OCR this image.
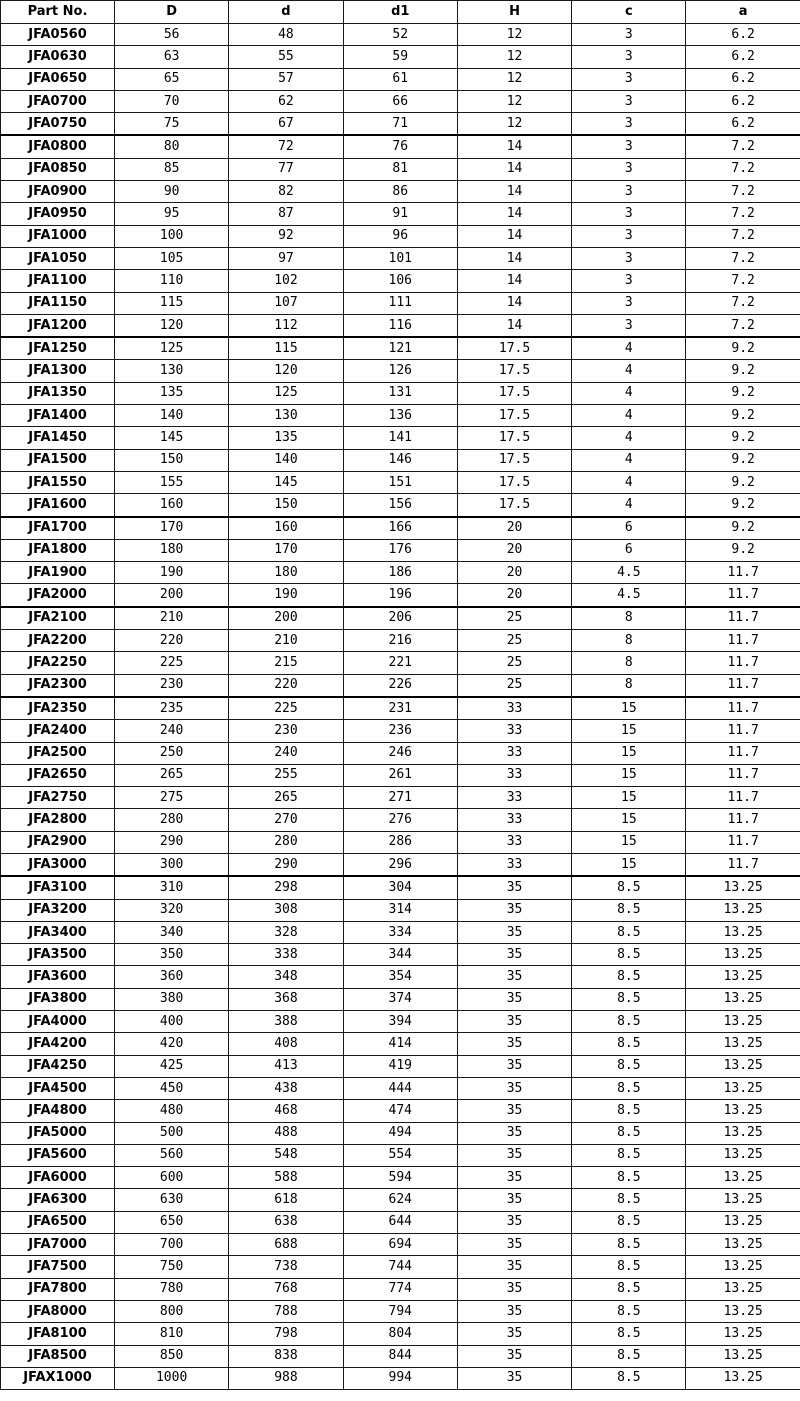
Part No.	D	d	d1	H	c	a
JFA0560	56	48	52	12	3	6.2
JFA0630	63	55	59	12	3	6.2
JFA0650	65	57	61	12	3	6.2
JFA0700	70	62	66	12	3	6.2
JFA0750	75	67	71	12	3	6.2
JFA0800	80	72	76	14	3	7.2
JFA0850	85	77	81	14	3	7.2
JFA0900	90	82	86	14	3	7.2
JFA0950	95	87	91	14	3	7.2
JFA1000	100	92	96	14	3	7.2
JFA1050	105	97	101	14	3	7.2
JFA1100	110	102	106	14	3	7.2
JFA1150	115	107	111	14	3	7.2
JFA1200	120	112	116	14	3	7.2
JFA1250	125	115	121	17.5	4	9.2
JFA1300	130	120	126	17.5	4	9.2
JFA1350	135	125	131	17.5	4	9.2
JFA1400	140	130	136	17.5	4	9.2
JFA1450	145	135	141	17.5	4	9.2
JFA1500	150	140	146	17.5	4	9.2
JFA1550	155	145	151	17.5	4	9.2
JFA1600	160	150	156	17.5	4	9.2
JFA1700	170	160	166	20	6	9.2
JFA1800	180	170	176	20	6	9.2
JFA1900	190	180	186	20	4.5	11.7
JFA2000	200	190	196	20	4.5	11.7
JFA2100	210	200	206	25	8	11.7
JFA2200	220	210	216	25	8	11.7
JFA2250	225	215	221	25	8	11.7
JFA2300	230	220	226	25	8	11.7
JFA2350	235	225	231	33	15	11.7
JFA2400	240	230	236	33	15	11.7
JFA2500	250	240	246	33	15	11.7
JFA2650	265	255	261	33	15	11.7
JFA2750	275	265	271	33	15	11.7
JFA2800	280	270	276	33	15	11.7
JFA2900	290	280	286	33	15	11.7
JFA3000	300	290	296	33	15	11.7
JFA3100	310	298	304	35	8.5	13.25
JFA3200	320	308	314	35	8.5	13.25
JFA3400	340	328	334	35	8.5	13.25
JFA3500	350	338	344	35	8.5	13.25
JFA3600	360	348	354	35	8.5	13.25
JFA3800	380	368	374	35	8.5	13.25
JFA4000	400	388	394	35	8.5	13.25
JFA4200	420	408	414	35	8.5	13.25
JFA4250	425	413	419	35	8.5	13.25
JFA4500	450	438	444	35	8.5	13.25
JFA4800	480	468	474	35	8.5	13.25
JFA5000	500	488	494	35	8.5	13.25
JFA5600	560	548	554	35	8.5	13.25
JFA6000	600	588	594	35	8.5	13.25
JFA6300	630	618	624	35	8.5	13.25
JFA6500	650	638	644	35	8.5	13.25
JFA7000	700	688	694	35	8.5	13.25
JFA7500	750	738	744	35	8.5	13.25
JFA7800	780	768	774	35	8.5	13.25
JFA8000	800	788	794	35	8.5	13.25
JFA8100	810	798	804	35	8.5	13.25
JFA8500	850	838	844	35	8.5	13.25
JFAX1000	1000	988	994	35	8.5	13.25
